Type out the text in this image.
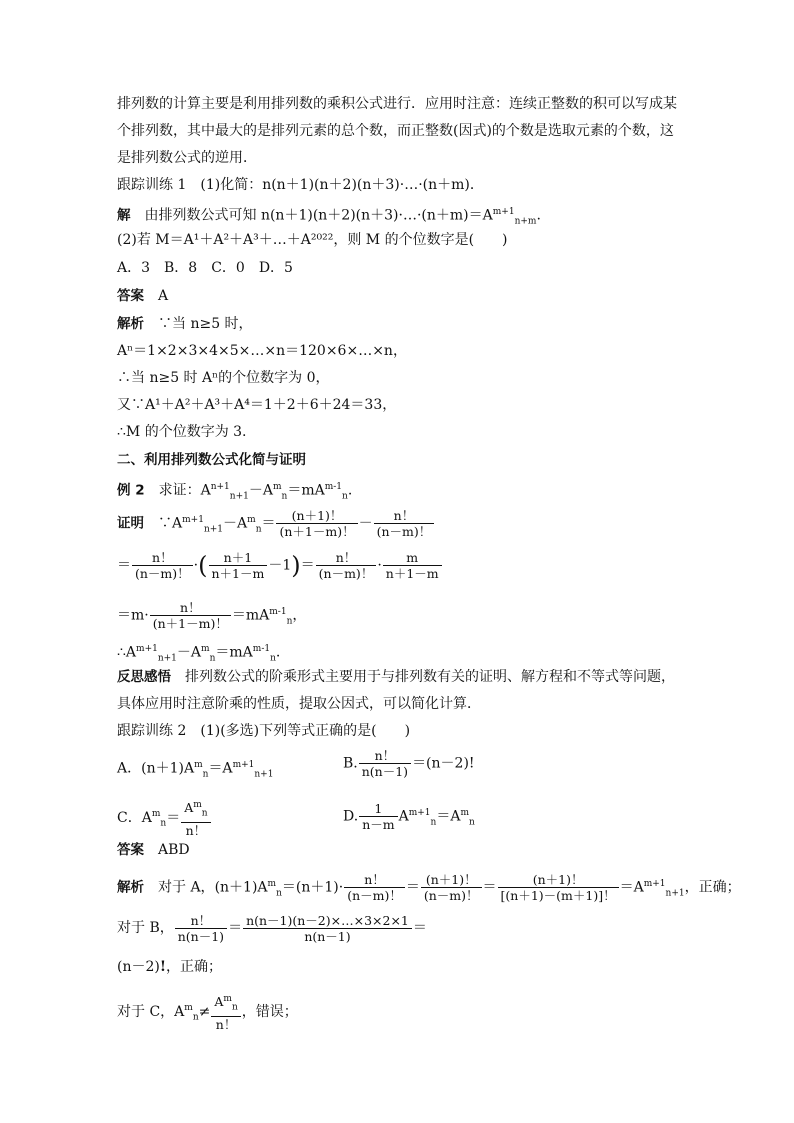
排列数的计算主要是利用排列数的乘积公式进行．应用时注意：连续正整数的积可以写成某
个排列数，其中最大的是排列元素的总个数，而正整数(因式)的个数是选取元素的个数，这
是排列数公式的逆用．
跟踪训练 1　(1)化简：n(n＋1)(n＋2)(n＋3)·…·(n＋m)．
解　 由排列数公式可知 $n(n+1)(n+2)(n+3)\cdot\dots\cdot(n+m)=A^{m+1}_{n+m}$.
(2)若 M＝A¹＋A²＋A³＋…＋A²⁰²²，则 M 的个位数字是(　　)
A．3　B．8　C．0　D．5
答案　 A
解析　 ∵当 n≥5 时，
Aⁿ＝1×2×3×4×5×…×n＝120×6×…×n，
∴当 n≥5 时 Aⁿ的个位数字为 0，
又∵A¹＋A²＋A³＋A⁴＝1＋2＋6＋24＝33，
∴M 的个位数字为 3.
二、利用排列数公式化简与证明
例 2　 求证：$A^{n+1}_{n+1}-A^m_n=mA^{m-1}_n$.
证明　$\because A^{m+1}_{n+1}-A^m_n= \frac{(n+1)!}{(n+1-m)!} - \frac{n!}{(n-m)!}$
＝ $\frac{n!}{(n-m)!}$ ·( $\frac{n+1}{n+1-m} -1)= \frac{n!}{(n-m)!} \cdot \frac{m}{n+1-m}$
$=m\cdot \frac{n!}{(n+1-m)!} =mA^{m-1}_n$，
$\therefore A^{m+1}_{n+1}-A^m_n=mA^{m-1}_n$.
反思感悟　 排列数公式的阶乘形式主要用于与排列数有关的证明、解方程和不等式等问题，
具体应用时注意阶乘的性质，提取公因式，可以简化计算．
跟踪训练 2　(1)(多选)下列等式正确的是(　　)
A．$(n+1)A^m_n=A^{m+1}_{n+1}$
B. $\frac{n!}{n(n-1)} =(n-2)$!
C．$A^m_n= \frac{A^m_n}{n!}$	D. $\frac{1}{n-m} A^{m+1}_n=A^m_n$
答案　 ABD
解析　 对于 A，$(n+1)A^m_n=(n+1)\cdot \frac{n!}{(n-m)!} = \frac{(n+1)!}{(n-m)!} = \frac{(n+1)!}{[(n+1)-(m+1)]!} =A^{m+1}_{n+1}$，正确；
对于 B， $\frac{n!}{n(n-1)} = \frac{n(n-1)(n-2)\times\dots\times 3\times 2\times 1}{n(n-1)}$ ＝
(n－2)!，正确；
对于 C，$A^m_n\ne \frac{A^m_n}{n!}$ ，错误；
